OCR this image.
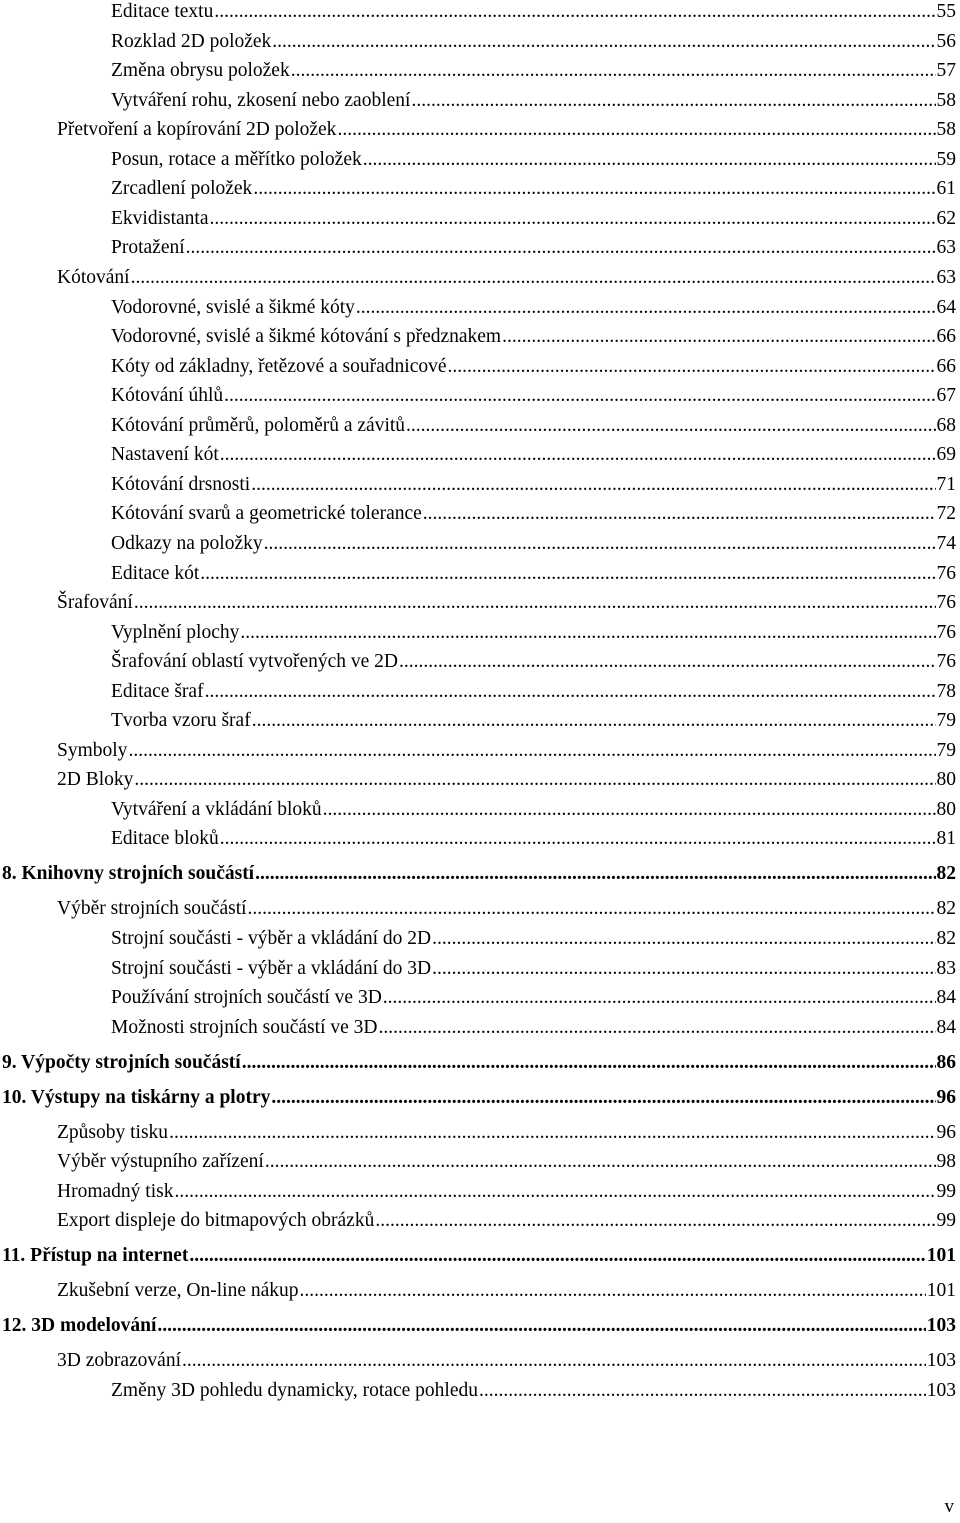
Editace textu .....	55
Rozklad 2D položek .....	56
Změna obrysu položek .....	57
Vytváření rohu, zkosení nebo zaoblení .....	58
Přetvoření a kopírování 2D položek .....	58
Posun, rotace a měřítko položek .....	59
Zrcadlení položek .....	61
Ekvidistanta .....	62
Protažení .....	63
Kótování .....	63
Vodorovné, svislé a šikmé kóty .....	64
Vodorovné, svislé a šikmé kótování s předznakem .....	66
Kóty od základny, řetězové a souřadnicové .....	66
Kótování úhlů .....	67
Kótování průměrů, poloměrů a závitů .....	68
Nastavení kót .....	69
Kótování drsnosti .....	71
Kótování svarů a geometrické tolerance .....	72
Odkazy na položky .....	74
Editace kót .....	76
Šrafování .....	76
Vyplnění plochy .....	76
Šrafování oblastí vytvořených ve 2D .....	76
Editace šraf .....	78
Tvorba vzoru šraf .....	79
Symboly .....	79
2D Bloky .....	80
Vytváření a vkládání bloků .....	80
Editace bloků .....	81
8. Knihovny strojních součástí .....	82
Výběr strojních součástí .....	82
Strojní součásti - výběr a vkládání do 2D .....	82
Strojní součásti - výběr a vkládání do 3D .....	83
Používání strojních součástí ve 3D .....	84
Možnosti strojních součástí ve 3D .....	84
9. Výpočty strojních součástí .....	86
10. Výstupy na tiskárny a plotry .....	96
Způsoby tisku .....	96
Výběr výstupního zařízení .....	98
Hromadný tisk .....	99
Export displeje do bitmapových obrázků .....	99
11. Přístup na internet .....	101
Zkušební verze, On-line nákup .....	101
12. 3D modelování .....	103
3D zobrazování .....	103
Změny 3D pohledu dynamicky, rotace pohledu .....	103
v
